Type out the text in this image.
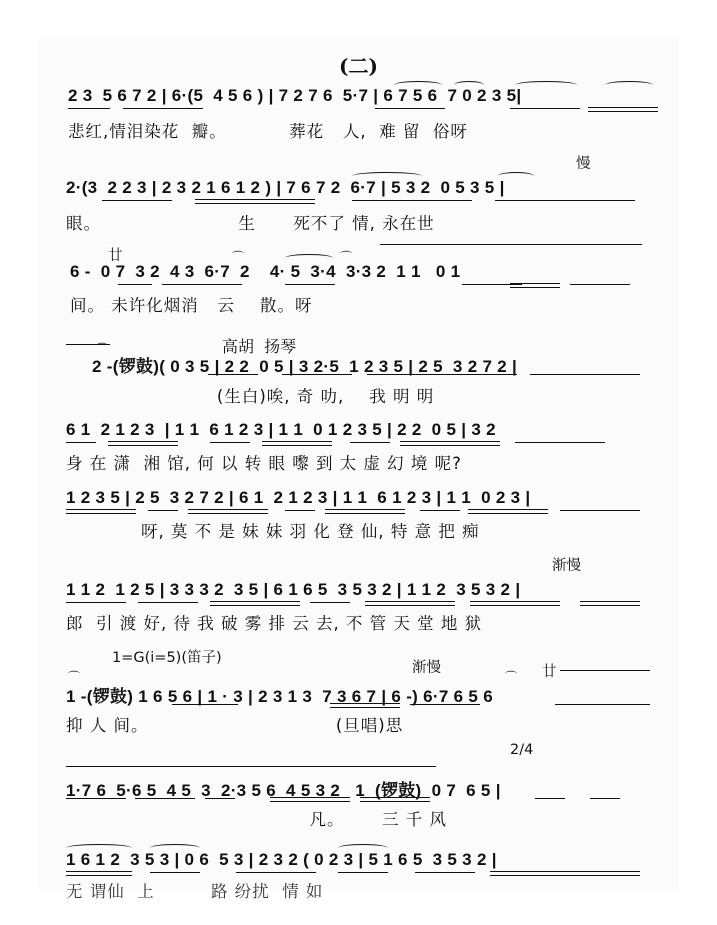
(二)
2 3  5 6 7 2 | 6·(5  4 5 6 ) | 7 2 7 6  5·7 | 6 7 5 6  7 0 2 3 5|
悲红,情泪染花  瓣。          葬花   人,  难 留  俗呀
慢
2·(3  2 2 3 | 2 3 2 1 6 1 2 ) | 7 6 7 2  6·7 | 5 3 2  0 5 3 5 |
眼。                      生      死不了 情, 永在世
廿
6 -  0 7  3 2  4 3  6·7  2    4· 5  3·4  3·3 2  1 1   0 1
间。 未许化烟消   云    散。呀
⌒	⌒
高胡  扬琴
2 -(锣鼓)( 0 3 5 | 2 2  0 5 | 3 2·5  1 2 3 5 | 2 5  3 2 7 2 |
(生白)唉, 奇 叻,    我 明 明
⌒
6 1  2 1 2 3  | 1 1  6 1 2 3 | 1 1  0 1 2 3 5 | 2 2  0 5 | 3 2
身 在 潇  湘 馆, 何 以 转 眼 嚟 到 太 虚 幻 境 呢?
1 2 3 5 | 2 5  3 2 7 2 | 6 1  2 1 2 3 | 1 1  6 1 2 3 | 1 1  0 2 3 |
呀, 莫 不 是 妹 妹 羽 化 登 仙, 特 意 把 痴
渐慢
1 1 2  1 2 5 | 3 3 3 2  3 5 | 6 1 6 5  3 5 3 2 | 1 1 2  3 5 3 2 |
郎  引 渡 好, 待 我 破 雾 排 云 去, 不 管 天 堂 地 狱
1=G(i=5)(笛子)
渐慢	廿
1 -(锣鼓) 1 6 5 6 | 1 · 3 | 2 3 1 3  7 3 6 7 | 6 -) 6·7 6 5 6
抑 人 间。                              (旦唱)思
⌒	⌒
2/4
1·7 6  5·6 5  4 5  3  2·3 5 6  4 5 3 2   1  (锣鼓)  0 7  6 5 |
凡。      三 千 风
1 6 1 2  3 5 3 | 0 6  5 3 | 2 3 2 ( 0 2 3 | 5 1 6 5  3 5 3 2 |
无 谓仙  上         路 纷扰  情 如
